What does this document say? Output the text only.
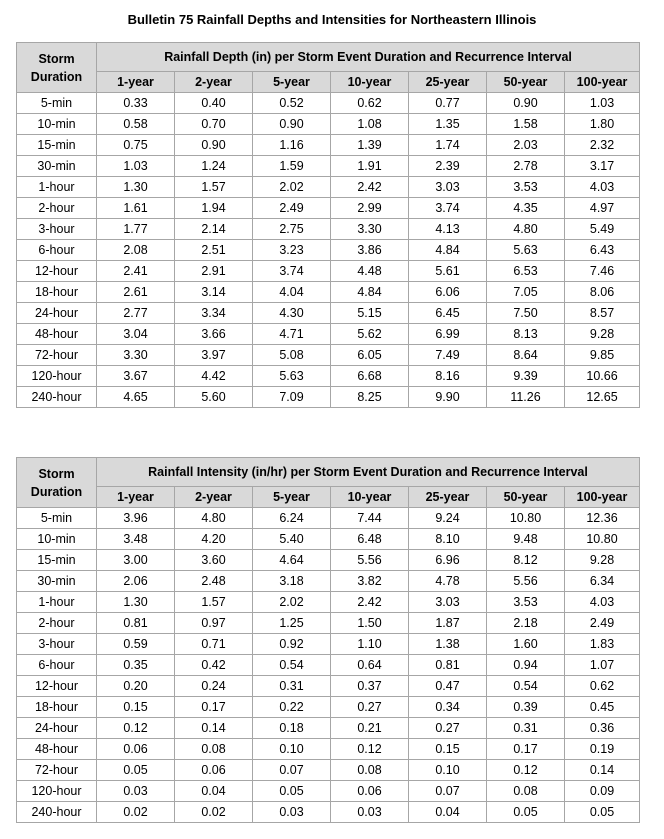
Bulletin 75 Rainfall Depths and Intensities for Northeastern Illinois
Storm
Duration	Rainfall Depth (in) per Storm Event Duration and Recurrence Interval						
	1-year	2-year	5-year	10-year	25-year	50-year	100-year
5-min	0.33	0.40	0.52	0.62	0.77	0.90	1.03
10-min	0.58	0.70	0.90	1.08	1.35	1.58	1.80
15-min	0.75	0.90	1.16	1.39	1.74	2.03	2.32
30-min	1.03	1.24	1.59	1.91	2.39	2.78	3.17
1-hour	1.30	1.57	2.02	2.42	3.03	3.53	4.03
2-hour	1.61	1.94	2.49	2.99	3.74	4.35	4.97
3-hour	1.77	2.14	2.75	3.30	4.13	4.80	5.49
6-hour	2.08	2.51	3.23	3.86	4.84	5.63	6.43
12-hour	2.41	2.91	3.74	4.48	5.61	6.53	7.46
18-hour	2.61	3.14	4.04	4.84	6.06	7.05	8.06
24-hour	2.77	3.34	4.30	5.15	6.45	7.50	8.57
48-hour	3.04	3.66	4.71	5.62	6.99	8.13	9.28
72-hour	3.30	3.97	5.08	6.05	7.49	8.64	9.85
120-hour	3.67	4.42	5.63	6.68	8.16	9.39	10.66
240-hour	4.65	5.60	7.09	8.25	9.90	11.26	12.65
Storm
Duration	Rainfall Intensity (in/hr) per Storm Event Duration and Recurrence Interval						
	1-year	2-year	5-year	10-year	25-year	50-year	100-year
5-min	3.96	4.80	6.24	7.44	9.24	10.80	12.36
10-min	3.48	4.20	5.40	6.48	8.10	9.48	10.80
15-min	3.00	3.60	4.64	5.56	6.96	8.12	9.28
30-min	2.06	2.48	3.18	3.82	4.78	5.56	6.34
1-hour	1.30	1.57	2.02	2.42	3.03	3.53	4.03
2-hour	0.81	0.97	1.25	1.50	1.87	2.18	2.49
3-hour	0.59	0.71	0.92	1.10	1.38	1.60	1.83
6-hour	0.35	0.42	0.54	0.64	0.81	0.94	1.07
12-hour	0.20	0.24	0.31	0.37	0.47	0.54	0.62
18-hour	0.15	0.17	0.22	0.27	0.34	0.39	0.45
24-hour	0.12	0.14	0.18	0.21	0.27	0.31	0.36
48-hour	0.06	0.08	0.10	0.12	0.15	0.17	0.19
72-hour	0.05	0.06	0.07	0.08	0.10	0.12	0.14
120-hour	0.03	0.04	0.05	0.06	0.07	0.08	0.09
240-hour	0.02	0.02	0.03	0.03	0.04	0.05	0.05
